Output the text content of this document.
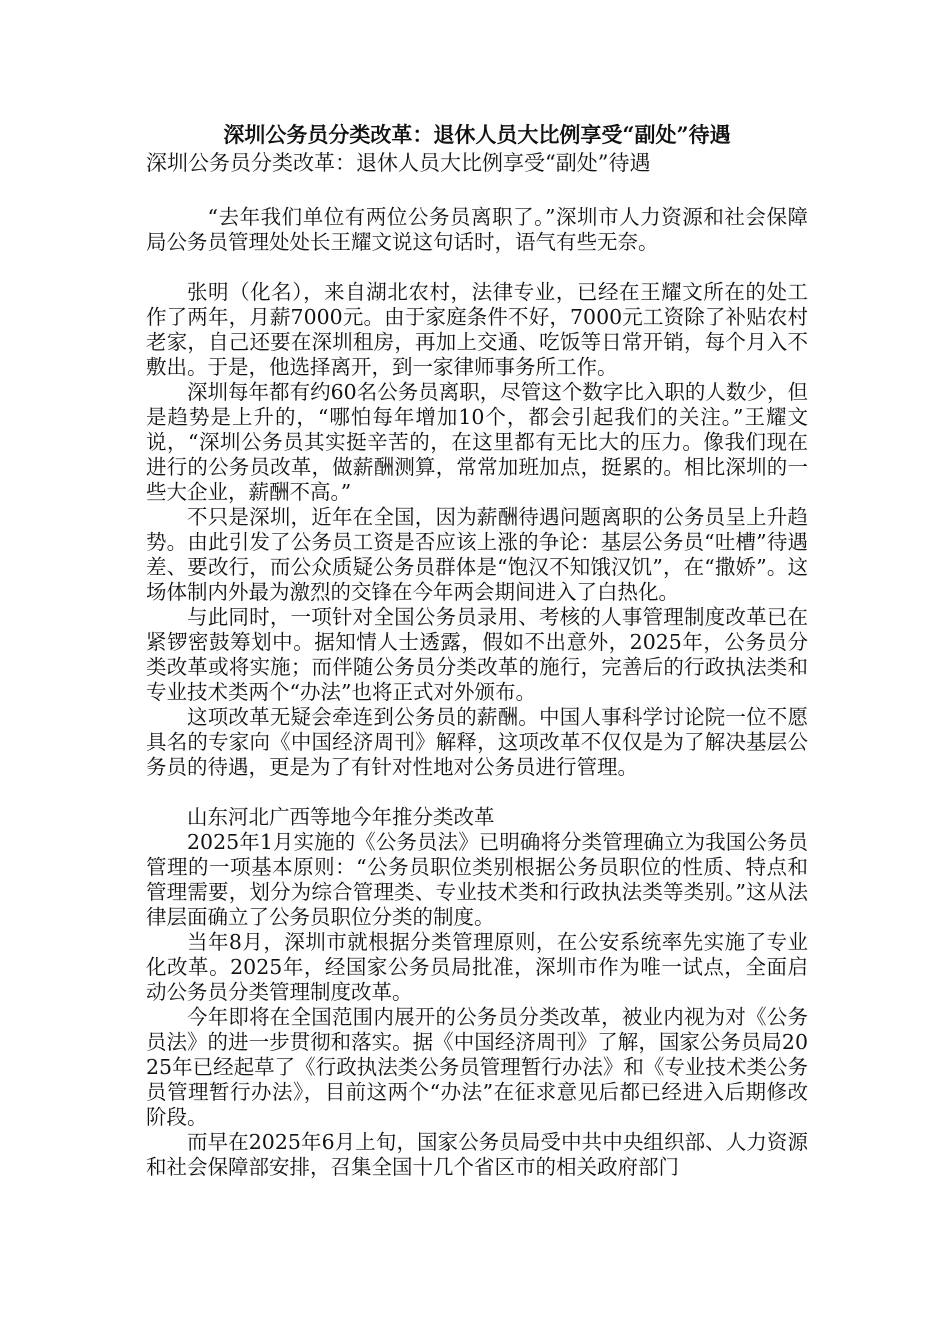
深圳公务员分类改革：退休人员大比例享受“副处”待遇
深圳公务员分类改革：退休人员大比例享受“副处”待遇

“去年我们单位有两位公务员离职了。”深圳市人力资源和社会保障局公务员管理处处长王耀文说这句话时，语气有些无奈。

张明（化名），来自湖北农村，法律专业，已经在王耀文所在的处工作了两年，月薪7000元。由于家庭条件不好，7000元工资除了补贴农村老家，自己还要在深圳租房，再加上交通、吃饭等日常开销，每个月入不敷出。于是，他选择离开，到一家律师事务所工作。

深圳每年都有约60名公务员离职，尽管这个数字比入职的人数少，但是趋势是上升的，“哪怕每年增加10个，都会引起我们的关注。”王耀文说，“深圳公务员其实挺辛苦的，在这里都有无比大的压力。像我们现在进行的公务员改革，做薪酬测算，常常加班加点，挺累的。相比深圳的一些大企业，薪酬不高。”

不只是深圳，近年在全国，因为薪酬待遇问题离职的公务员呈上升趋势。由此引发了公务员工资是否应该上涨的争论：基层公务员“吐槽”待遇差、要改行，而公众质疑公务员群体是“饱汉不知饿汉饥”，在“撒娇”。这场体制内外最为激烈的交锋在今年两会期间进入了白热化。

与此同时，一项针对全国公务员录用、考核的人事管理制度改革已在紧锣密鼓筹划中。据知情人士透露，假如不出意外，2025年，公务员分类改革或将实施；而伴随公务员分类改革的施行，完善后的行政执法类和专业技术类两个“办法”也将正式对外颁布。

这项改革无疑会牵连到公务员的薪酬。中国人事科学讨论院一位不愿具名的专家向《中国经济周刊》解释，这项改革不仅仅是为了解决基层公务员的待遇，更是为了有针对性地对公务员进行管理。

山东河北广西等地今年推分类改革

2025年1月实施的《公务员法》已明确将分类管理确立为我国公务员管理的一项基本原则：“公务员职位类别根据公务员职位的性质、特点和管理需要，划分为综合管理类、专业技术类和行政执法类等类别。”这从法律层面确立了公务员职位分类的制度。

当年8月，深圳市就根据分类管理原则，在公安系统率先实施了专业化改革。2025年，经国家公务员局批准，深圳市作为唯一试点，全面启动公务员分类管理制度改革。

今年即将在全国范围内展开的公务员分类改革，被业内视为对《公务员法》的进一步贯彻和落实。据《中国经济周刊》了解，国家公务员局2025年已经起草了《行政执法类公务员管理暂行办法》和《专业技术类公务员管理暂行办法》，目前这两个“办法”在征求意见后都已经进入后期修改阶段。

而早在2025年6月上旬，国家公务员局受中共中央组织部、人力资源和社会保障部安排，召集全国十几个省区市的相关政府部门
